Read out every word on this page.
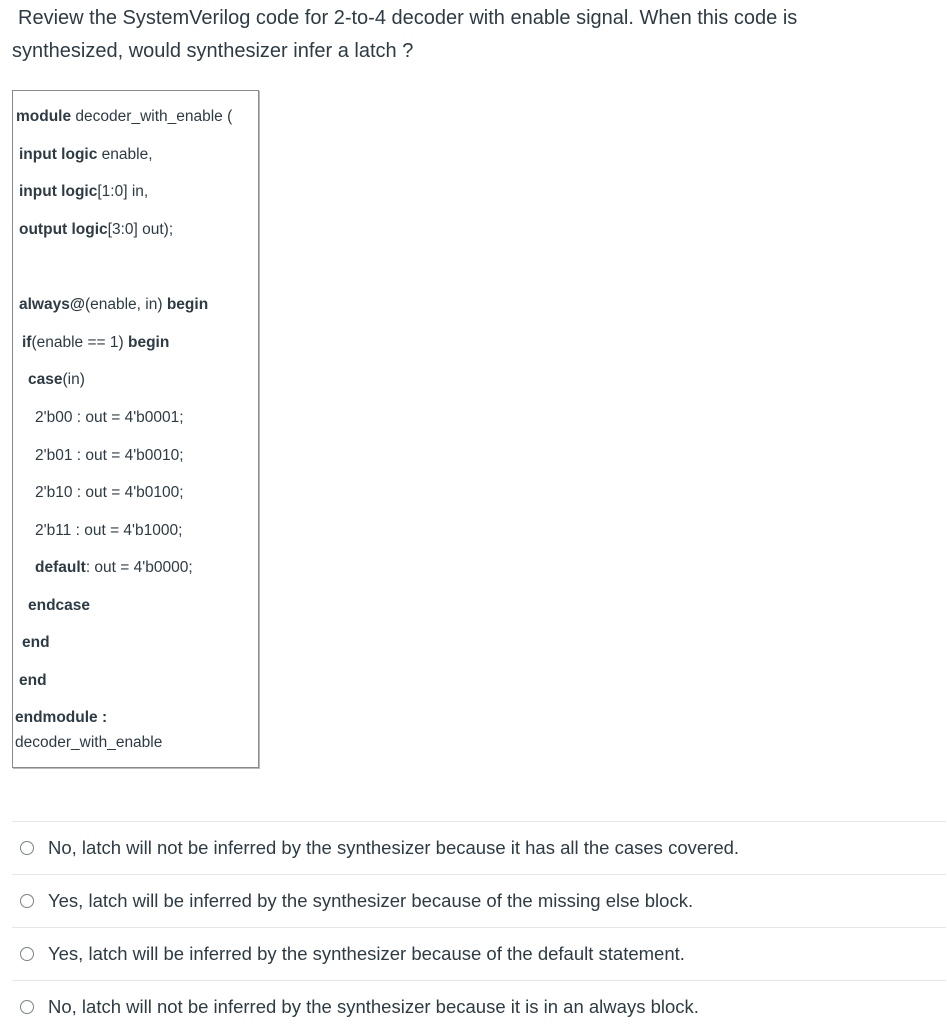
Review the SystemVerilog code for 2-to-4 decoder with enable signal. When this code is
synthesized, would synthesizer infer a latch ?
module decoder_with_enable (
input logic enable,
input logic[1:0] in,
output logic[3:0] out);
always@(enable, in) begin
if(enable == 1) begin
case(in)
2'b00 : out = 4'b0001;
2'b01 : out = 4'b0010;
2'b10 : out = 4'b0100;
2'b11 : out = 4'b1000;
default: out = 4'b0000;
endcase
end
end
endmodule :
decoder_with_enable
No, latch will not be inferred by the synthesizer because it has all the cases covered.
Yes, latch will be inferred by the synthesizer because of the missing else block.
Yes, latch will be inferred by the synthesizer because of the default statement.
No, latch will not be inferred by the synthesizer because it is in an always block.
